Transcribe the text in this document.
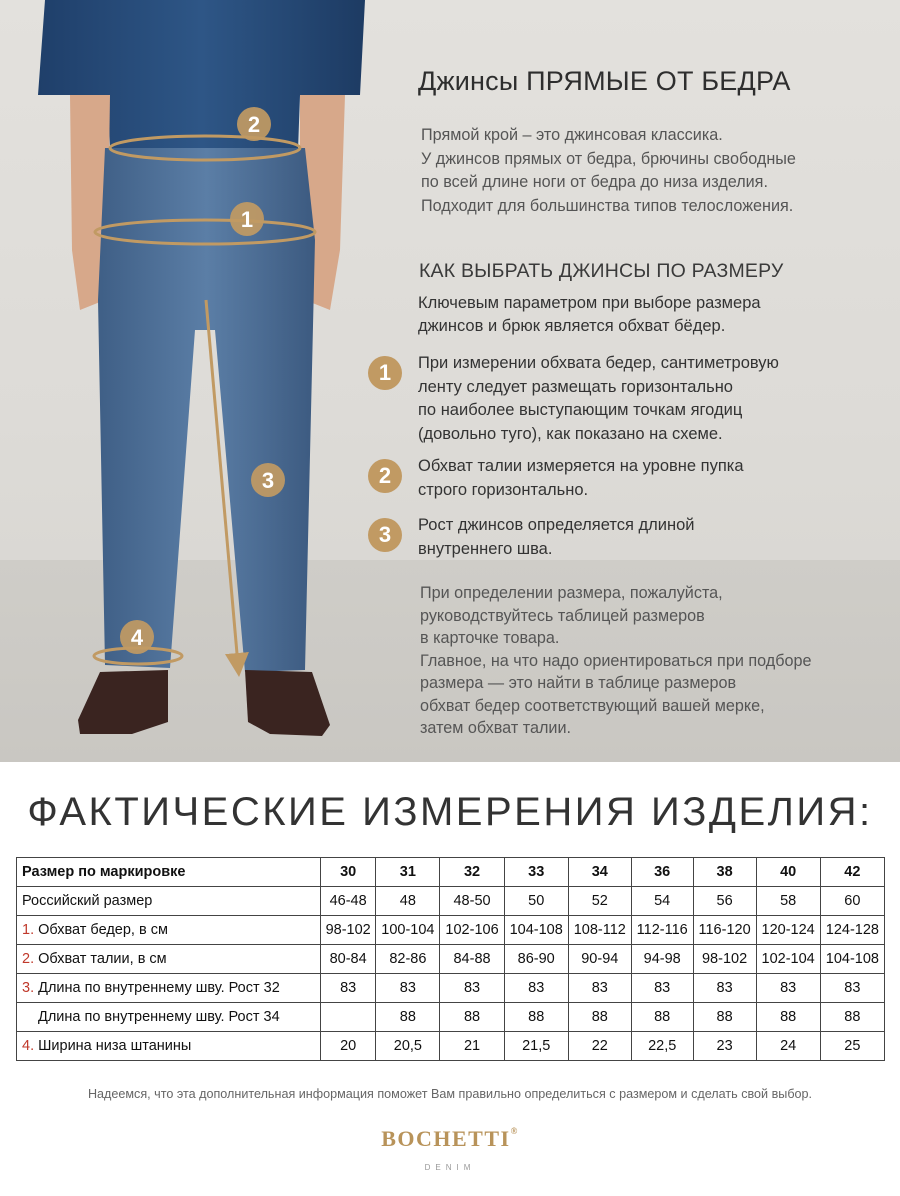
2
1
3
4
Джинсы ПРЯМЫЕ ОТ БЕДРА
Прямой крой – это джинсовая классика.
У джинсов прямых от бедра, брючины свободные
по всей длине ноги от бедра до низа изделия.
Подходит для большинства типов телосложения.
КАК ВЫБРАТЬ ДЖИНСЫ ПО РАЗМЕРУ
Ключевым параметром при выборе размера
джинсов и брюк является обхват бёдер.
1	При измерении обхвата бедер, сантиметровую
ленту следует размещать горизонтально
по наиболее выступающим точкам ягодиц
(довольно туго), как показано на схеме.
2	Обхват талии измеряется на уровне пупка
строго горизонтально.
3	Рост джинсов определяется длиной
внутреннего шва.
При определении размера, пожалуйста,
руководствуйтесь таблицей размеров
в карточке товара.
Главное, на что надо ориентироваться при подборе
размера — это найти в таблице размеров
обхват бедер соответствующий вашей мерке,
затем обхват талии.
ФАКТИЧЕСКИЕ ИЗМЕРЕНИЯ ИЗДЕЛИЯ:
Размер по маркировке	30	31	32	33	34	36	38	40	42
Российский размер	46-48	48	48-50	50	52	54	56	58	60
1. Обхват бедер, в см	98-102	100-104	102-106	104-108	108-112	112-116	116-120	120-124	124-128
2. Обхват талии, в см	80-84	82-86	84-88	86-90	90-94	94-98	98-102	102-104	104-108
3. Длина по внутреннему шву. Рост 32	83	83	83	83	83	83	83	83	83
Длина по внутреннему шву. Рост 34		88	88	88	88	88	88	88	88
4. Ширина низа штанины	20	20,5	21	21,5	22	22,5	23	24	25
Надеемся, что эта дополнительная информация поможет Вам правильно определиться с размером и сделать свой выбор.
BOCHETTI®
DENIM
